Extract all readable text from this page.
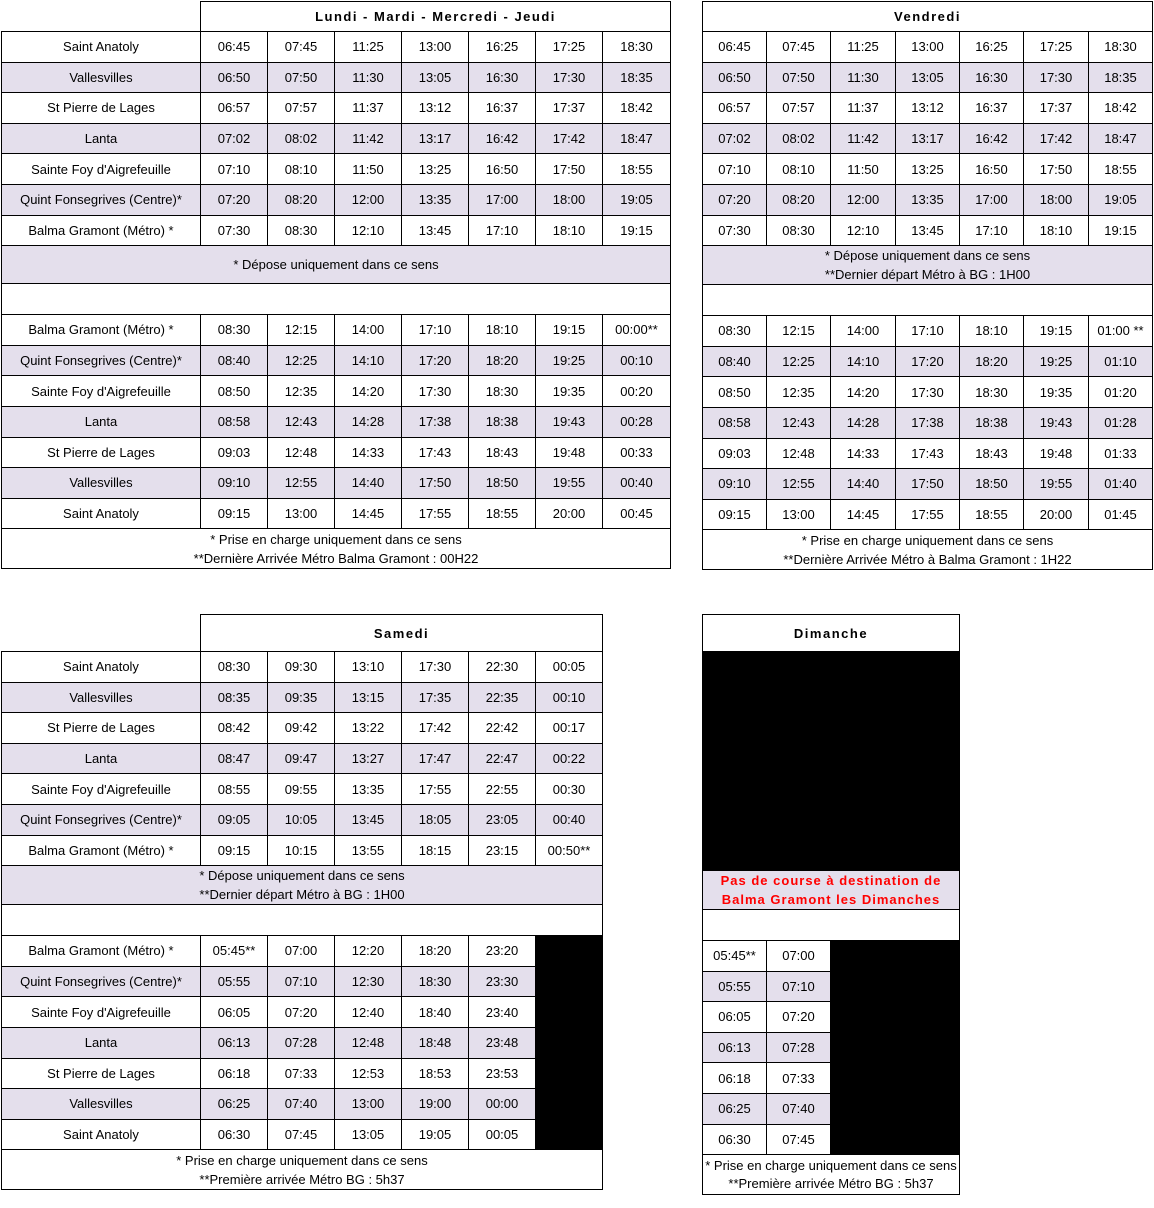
	Lundi - Mardi - Mercredi - Jeudi						
Saint Anatoly	06:45	07:45	11:25	13:00	16:25	17:25	18:30
Vallesvilles	06:50	07:50	11:30	13:05	16:30	17:30	18:35
St Pierre de Lages	06:57	07:57	11:37	13:12	16:37	17:37	18:42
Lanta	07:02	08:02	11:42	13:17	16:42	17:42	18:47
Sainte Foy d'Aigrefeuille	07:10	08:10	11:50	13:25	16:50	17:50	18:55
Quint Fonsegrives (Centre)*	07:20	08:20	12:00	13:35	17:00	18:00	19:05
Balma Gramont (Métro) *	07:30	08:30	12:10	13:45	17:10	18:10	19:15
* Dépose uniquement dans ce sens							

Balma Gramont (Métro) *	08:30	12:15	14:00	17:10	18:10	19:15	00:00**
Quint Fonsegrives (Centre)*	08:40	12:25	14:10	17:20	18:20	19:25	00:10
Sainte Foy d'Aigrefeuille	08:50	12:35	14:20	17:30	18:30	19:35	00:20
Lanta	08:58	12:43	14:28	17:38	18:38	19:43	00:28
St Pierre de Lages	09:03	12:48	14:33	17:43	18:43	19:48	00:33
Vallesvilles	09:10	12:55	14:40	17:50	18:50	19:55	00:40
Saint Anatoly	09:15	13:00	14:45	17:55	18:55	20:00	00:45

* Prise en charge uniquement dans ce sens
**Dernière Arrivée Métro Balma Gramont : 00H22							
Vendredi						
06:45	07:45	11:25	13:00	16:25	17:25	18:30
06:50	07:50	11:30	13:05	16:30	17:30	18:35
06:57	07:57	11:37	13:12	16:37	17:37	18:42
07:02	08:02	11:42	13:17	16:42	17:42	18:47
07:10	08:10	11:50	13:25	16:50	17:50	18:55
07:20	08:20	12:00	13:35	17:00	18:00	19:05
07:30	08:30	12:10	13:45	17:10	18:10	19:15

* Dépose uniquement dans ce sens
**Dernier départ Métro à BG : 1H00						

08:30	12:15	14:00	17:10	18:10	19:15	01:00 **
08:40	12:25	14:10	17:20	18:20	19:25	01:10
08:50	12:35	14:20	17:30	18:30	19:35	01:20
08:58	12:43	14:28	17:38	18:38	19:43	01:28
09:03	12:48	14:33	17:43	18:43	19:48	01:33
09:10	12:55	14:40	17:50	18:50	19:55	01:40
09:15	13:00	14:45	17:55	18:55	20:00	01:45

* Prise en charge uniquement dans ce sens
**Dernière Arrivée Métro à Balma Gramont : 1H22						
	Samedi					
Saint Anatoly	08:30	09:30	13:10	17:30	22:30	00:05
Vallesvilles	08:35	09:35	13:15	17:35	22:35	00:10
St Pierre de Lages	08:42	09:42	13:22	17:42	22:42	00:17
Lanta	08:47	09:47	13:27	17:47	22:47	00:22
Sainte Foy d'Aigrefeuille	08:55	09:55	13:35	17:55	22:55	00:30
Quint Fonsegrives (Centre)*	09:05	10:05	13:45	18:05	23:05	00:40
Balma Gramont (Métro) *	09:15	10:15	13:55	18:15	23:15	00:50**

* Dépose uniquement dans ce sens
**Dernier départ Métro à BG : 1H00						

Balma Gramont (Métro) *	05:45**	07:00	12:20	18:20	23:20	
Quint Fonsegrives (Centre)*	05:55	07:10	12:30	18:30	23:30	
Sainte Foy d'Aigrefeuille	06:05	07:20	12:40	18:40	23:40	
Lanta	06:13	07:28	12:48	18:48	23:48	
St Pierre de Lages	06:18	07:33	12:53	18:53	23:53	
Vallesvilles	06:25	07:40	13:00	19:00	00:00	
Saint Anatoly	06:30	07:45	13:05	19:05	00:05	

* Prise en charge uniquement dans ce sens
**Première arrivée Métro BG : 5h37						
Dimanche		

Pas de course à destination de
Balma Gramont les Dimanches		

05:45**	07:00	
05:55	07:10	
06:05	07:20	
06:13	07:28	
06:18	07:33	
06:25	07:40	
06:30	07:45	

* Prise en charge uniquement dans ce sens
**Première arrivée Métro BG : 5h37		
